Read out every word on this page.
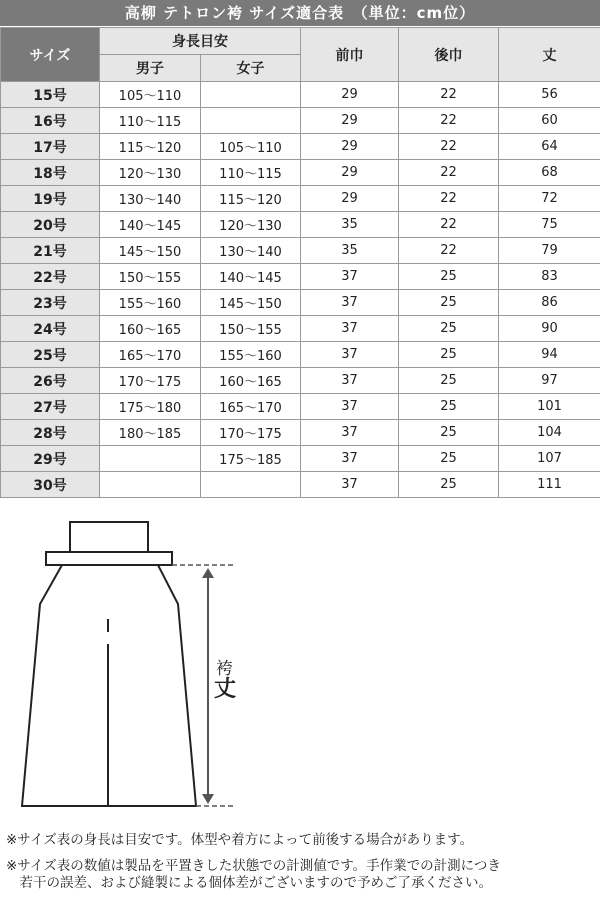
高柳 テトロン袴 サイズ適合表　（単位：cm位）
サイズ	身長目安		前巾	後巾	丈
	男子	女子			
15号	105～110		29	22	56
16号	110～115		29	22	60
17号	115～120	105～110	29	22	64
18号	120～130	110～115	29	22	68
19号	130～140	115～120	29	22	72
20号	140～145	120～130	35	22	75
21号	145～150	130～140	35	22	79
22号	150～155	140～145	37	25	83
23号	155～160	145～150	37	25	86
24号	160～165	150～155	37	25	90
25号	165～170	155～160	37	25	94
26号	170～175	160～165	37	25	97
27号	175～180	165～170	37	25	101
28号	180～185	170～175	37	25	104
29号		175～185	37	25	107
30号			37	25	111
袴
丈

※サイズ表の身長は目安です。体型や着方によって前後する場合があります。

※サイズ表の数値は製品を平置きした状態での計測値です。手作業での計測につき

　若干の誤差、および縫製による個体差がございますので予めご了承ください。
